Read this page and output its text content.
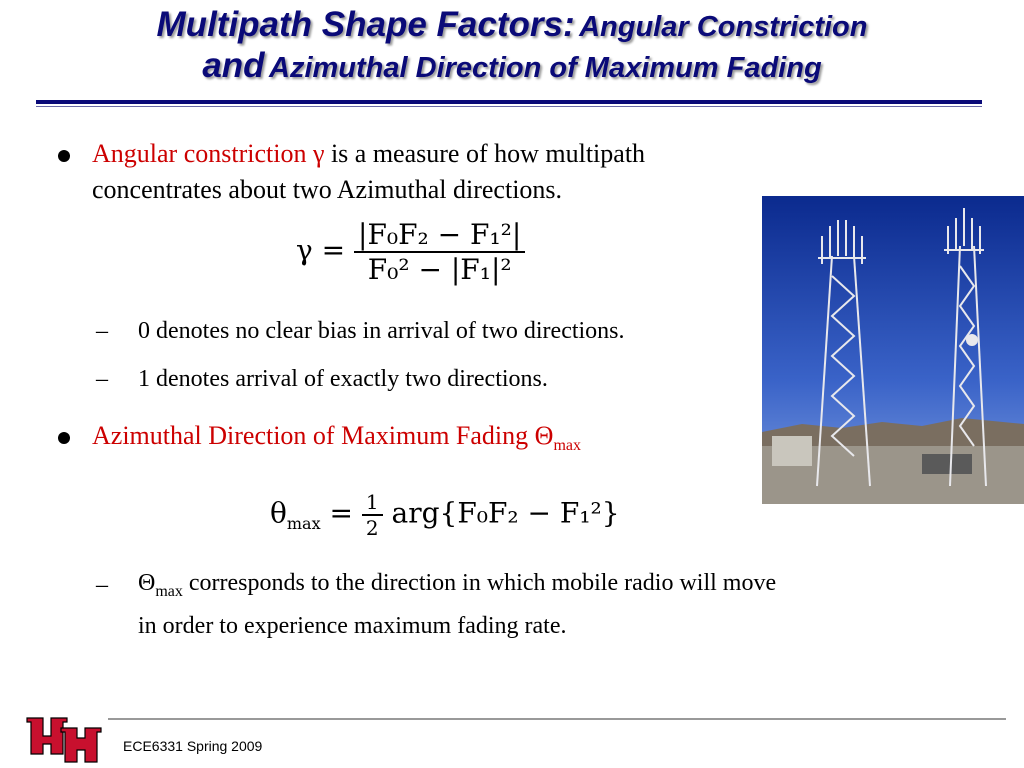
Multipath Shape Factors: Angular Constriction
and Azimuthal Direction of Maximum Fading
Angular constriction γ is a measure of how multipath
concentrates about two Azimuthal directions.
$\gamma = \frac{\text{|F₀F₂ − F₁²|}}{\text{F₀² − |F₁|²}}$
– 0 denotes no clear bias in arrival of two directions.
– 1 denotes arrival of exactly two directions.
Azimuthal Direction of Maximum Fading $\Theta_{max}$
$\theta_{max} = \frac{1}{2} arg\{F_0F_2 - F_1^2\}$
– $\Theta_{max}$ corresponds to the direction in which mobile radio will move
in order to experience maximum fading rate.
ECE6331 Spring 2009
